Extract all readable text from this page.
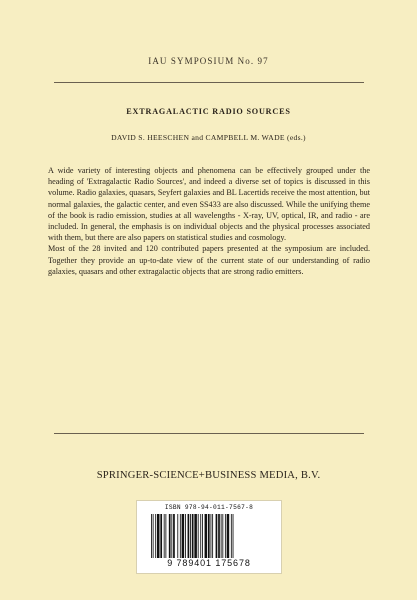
IAU SYMPOSIUM No. 97
EXTRAGALACTIC RADIO SOURCES
DAVID S. HEESCHEN and CAMPBELL M. WADE (eds.)

A wide variety of interesting objects and phenomena can be effectively grouped under the heading of 'Extragalactic Radio Sources', and indeed a diverse set of topics is discussed in this volume. Radio galaxies, quasars, Seyfert galaxies and BL Lacertids receive the most attention, but normal galaxies, the galactic center, and even SS433 are also discussed. While the unifying theme of the book is radio emission, studies at all wavelengths - X-ray, UV, optical, IR, and radio - are included. In general, the emphasis is on individual objects and the physical processes associated with them, but there are also papers on statistical studies and cosmology.

Most of the 28 invited and 120 contributed papers presented at the symposium are included. Together they provide an up-to-date view of the current state of our understanding of radio galaxies, quasars and other extragalactic objects that are strong radio emitters.

SPRINGER-SCIENCE+BUSINESS MEDIA, B.V.
ISBN 978-94-011-7567-8
9 789401 175678
